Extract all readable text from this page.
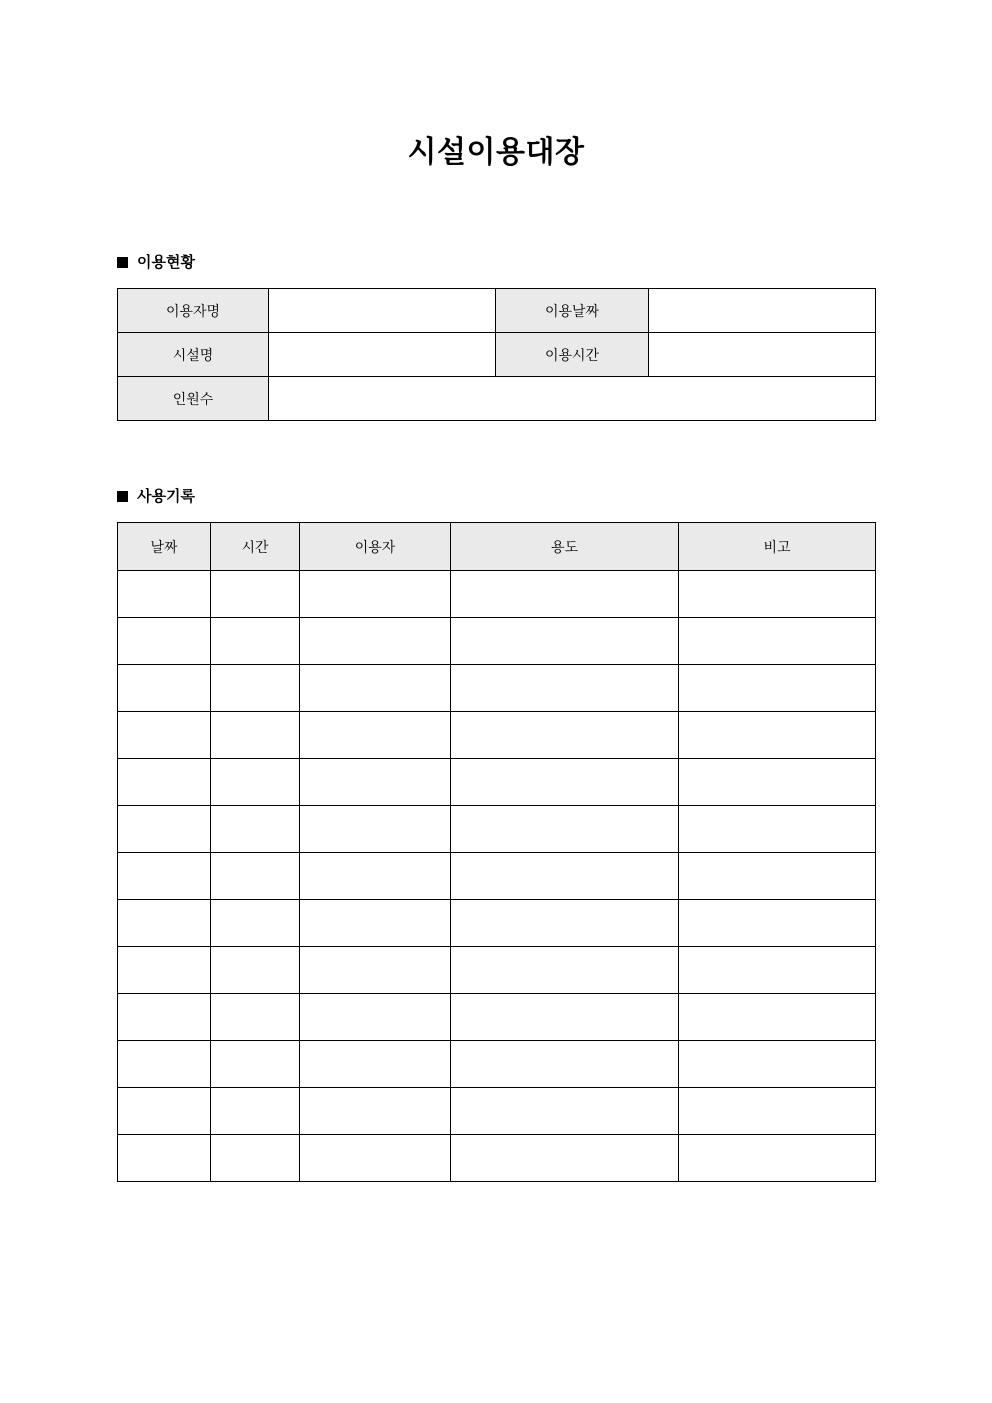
시설이용대장
이용현황
이용자명		이용날짜	
시설명		이용시간	
인원수			
사용기록
날짜	시간	이용자	용도	비고
